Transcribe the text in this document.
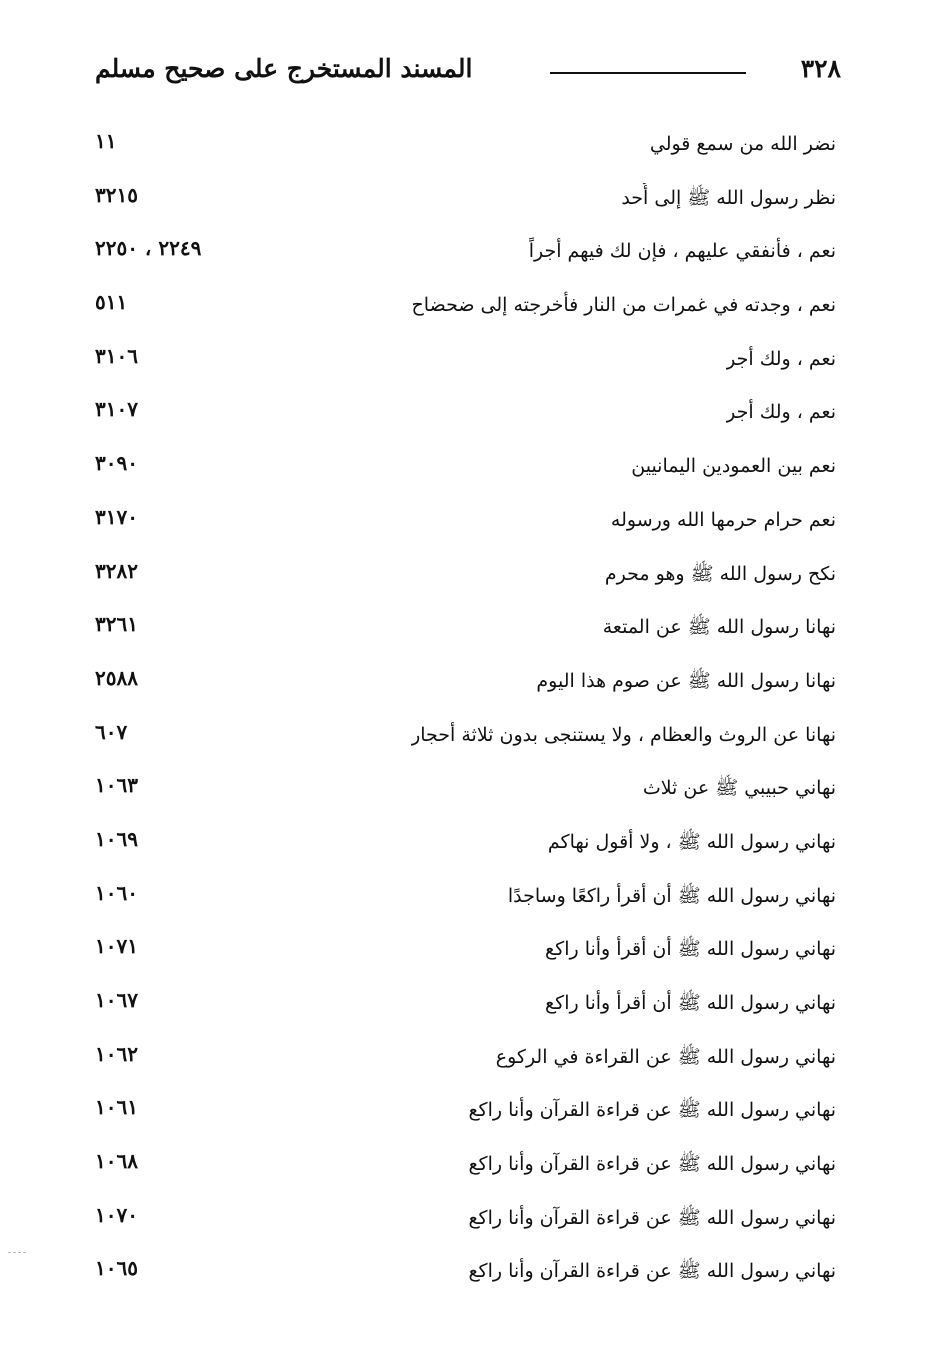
٣٢٨
المسند المستخرج على صحيح مسلم
نضر الله من سمع قولي
١١
نظر رسول الله ﷺ إلى أُحد
٣٢١٥
نعم ، فأنفقي عليهم ، فإن لك فيهم أجراً
٢٢٤٩ ، ٢٢٥٠
نعم ، وجدته في غمرات من النار فأخرجته إلى ضحضاح
٥١١
نعم ، ولك أجر
٣١٠٦
نعم ، ولك أجر
٣١٠٧
نعم بين العمودين اليمانيين
٣٠٩٠
نعم حرام حرمها الله ورسوله
٣١٧٠
نكح رسول الله ﷺ وهو محرم
٣٢٨٢
نهانا رسول الله ﷺ عن المتعة
٣٢٦١
نهانا رسول الله ﷺ عن صوم هذا اليوم
٢٥٨٨
نهانا عن الروث والعظام ، ولا يستنجى بدون ثلاثة أحجار
٦٠٧
نهاني حبيبي ﷺ عن ثلاث
١٠٦٣
نهاني رسول الله ﷺ ، ولا أقول نهاكم
١٠٦٩
نهاني رسول الله ﷺ أن أقرأ راكعًا وساجدًا
١٠٦٠
نهاني رسول الله ﷺ أن أقرأ وأنا راكع
١٠٧١
نهاني رسول الله ﷺ أن أقرأ وأنا راكع
١٠٦٧
نهاني رسول الله ﷺ عن القراءة في الركوع
١٠٦٢
نهاني رسول الله ﷺ عن قراءة القرآن وأنا راكع
١٠٦١
نهاني رسول الله ﷺ عن قراءة القرآن وأنا راكع
١٠٦٨
نهاني رسول الله ﷺ عن قراءة القرآن وأنا راكع
١٠٧٠
نهاني رسول الله ﷺ عن قراءة القرآن وأنا راكع
١٠٦٥
